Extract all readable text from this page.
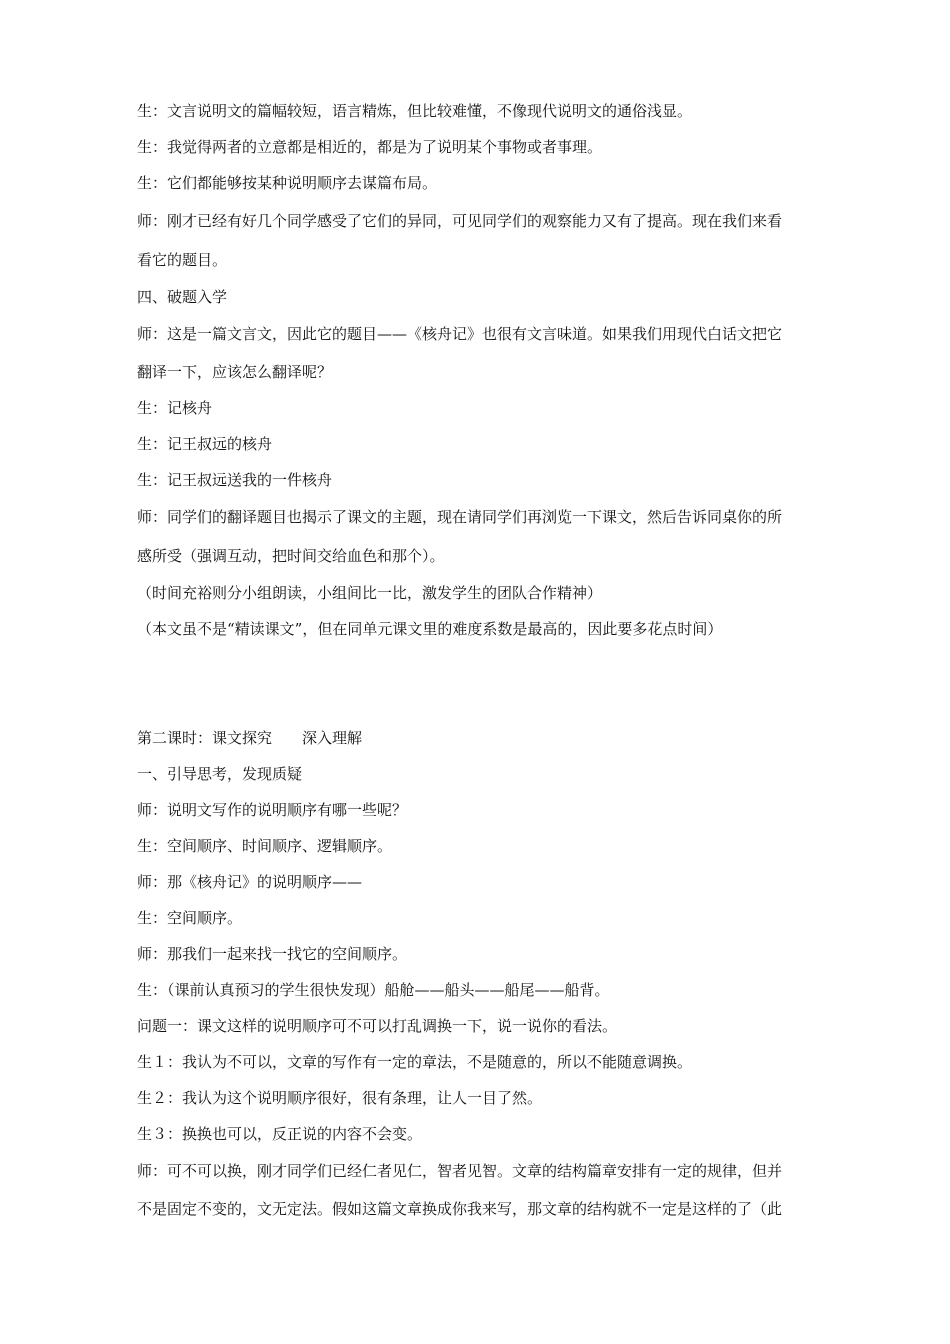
生：文言说明文的篇幅较短，语言精炼，但比较难懂，不像现代说明文的通俗浅显。
生：我觉得两者的立意都是相近的，都是为了说明某个事物或者事理。
生：它们都能够按某种说明顺序去谋篇布局。
师：刚才已经有好几个同学感受了它们的异同，可见同学们的观察能力又有了提高。现在我们来看
看它的题目。
四、破题入学
师：这是一篇文言文，因此它的题目——《核舟记》也很有文言味道。如果我们用现代白话文把它
翻译一下，应该怎么翻译呢？
生：记核舟
生：记王叔远的核舟
生：记王叔远送我的一件核舟
师：同学们的翻译题目也揭示了课文的主题，现在请同学们再浏览一下课文，然后告诉同桌你的所
感所受（强调互动，把时间交给血色和那个）。
（时间充裕则分小组朗读，小组间比一比，激发学生的团队合作精神）
（本文虽不是“精读课文”，但在同单元课文里的难度系数是最高的，因此要多花点时间）
第二课时：课文探究　　深入理解
一、引导思考，发现质疑
师：说明文写作的说明顺序有哪一些呢？
生：空间顺序、时间顺序、逻辑顺序。
师：那《核舟记》的说明顺序——
生：空间顺序。
师：那我们一起来找一找它的空间顺序。
生：（课前认真预习的学生很快发现）船舱——船头——船尾——船背。
问题一：课文这样的说明顺序可不可以打乱调换一下，说一说你的看法。
生１：我认为不可以，文章的写作有一定的章法，不是随意的，所以不能随意调换。
生２：我认为这个说明顺序很好，很有条理，让人一目了然。
生３：换换也可以，反正说的内容不会变。
师：可不可以换，刚才同学们已经仁者见仁，智者见智。文章的结构篇章安排有一定的规律，但并
不是固定不变的，文无定法。假如这篇文章换成你我来写，那文章的结构就不一定是这样的了（此
